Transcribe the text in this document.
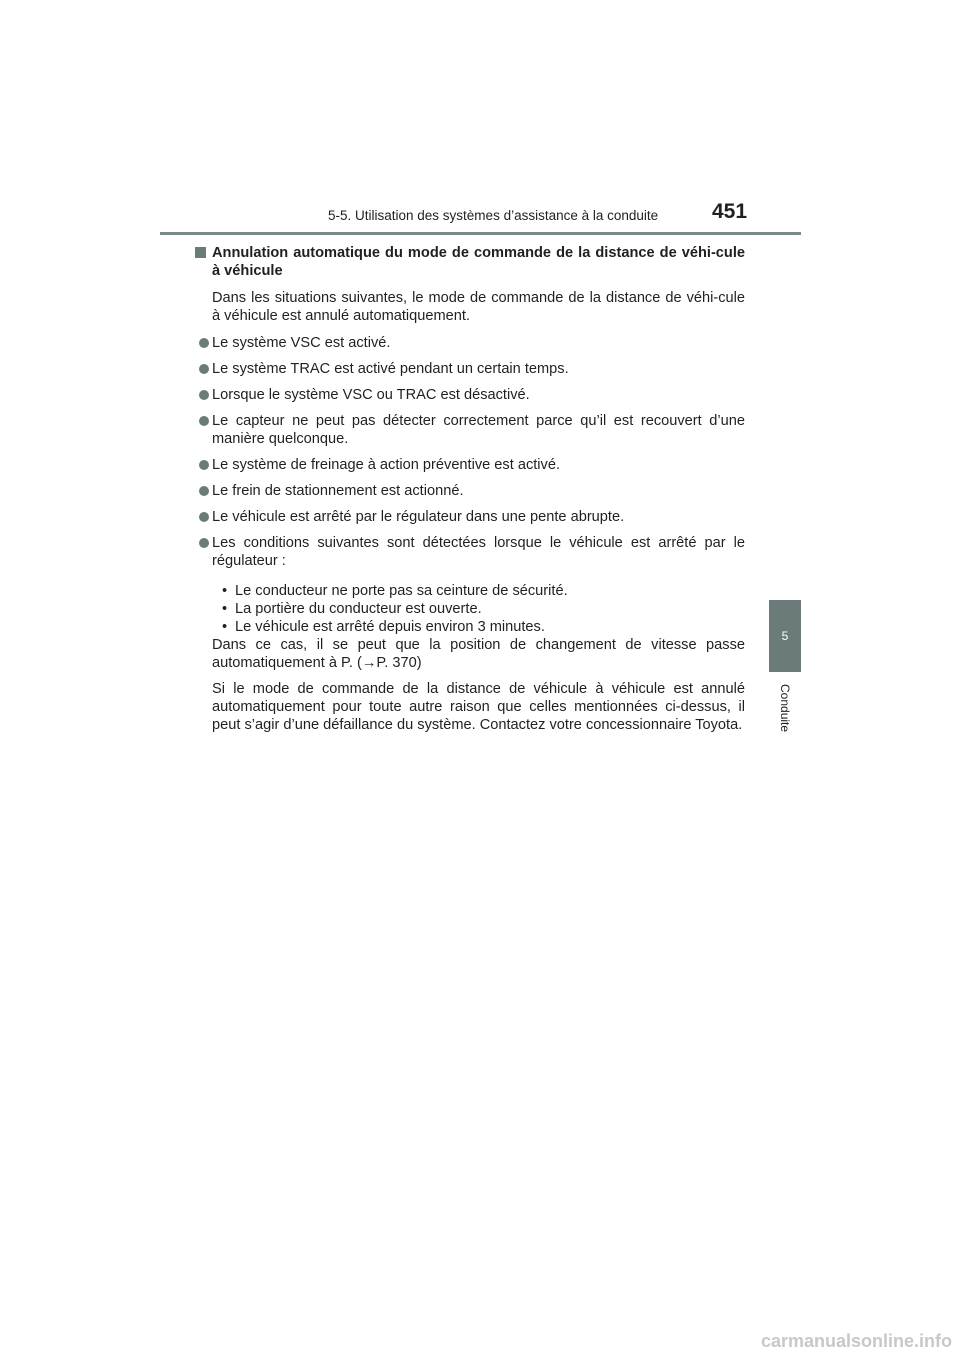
5-5. Utilisation des systèmes d’assistance à la conduite	451
5
Conduite
Annulation automatique du mode de commande de la distance de véhi-cule à véhicule

Dans les situations suivantes, le mode de commande de la distance de véhi-cule à véhicule est annulé automatiquement.

Le système VSC est activé.
Le système TRAC est activé pendant un certain temps.
Lorsque le système VSC ou TRAC est désactivé.
Le capteur ne peut pas détecter correctement parce qu’il est recouvert d’une manière quelconque.
Le système de freinage à action préventive est activé.
Le frein de stationnement est actionné.
Le véhicule est arrêté par le régulateur dans une pente abrupte.
Les conditions suivantes sont détectées lorsque le véhicule est arrêté par le régulateur :
• Le conducteur ne porte pas sa ceinture de sécurité.
• La portière du conducteur est ouverte.
• Le véhicule est arrêté depuis environ 3 minutes.

Dans ce cas, il se peut que la position de changement de vitesse passe automatiquement à P. (→P. 370)

Si le mode de commande de la distance de véhicule à véhicule est annulé automatiquement pour toute autre raison que celles mentionnées ci-dessus, il peut s’agir d’une défaillance du système. Contactez votre concessionnaire Toyota.

carmanualsonline.info
